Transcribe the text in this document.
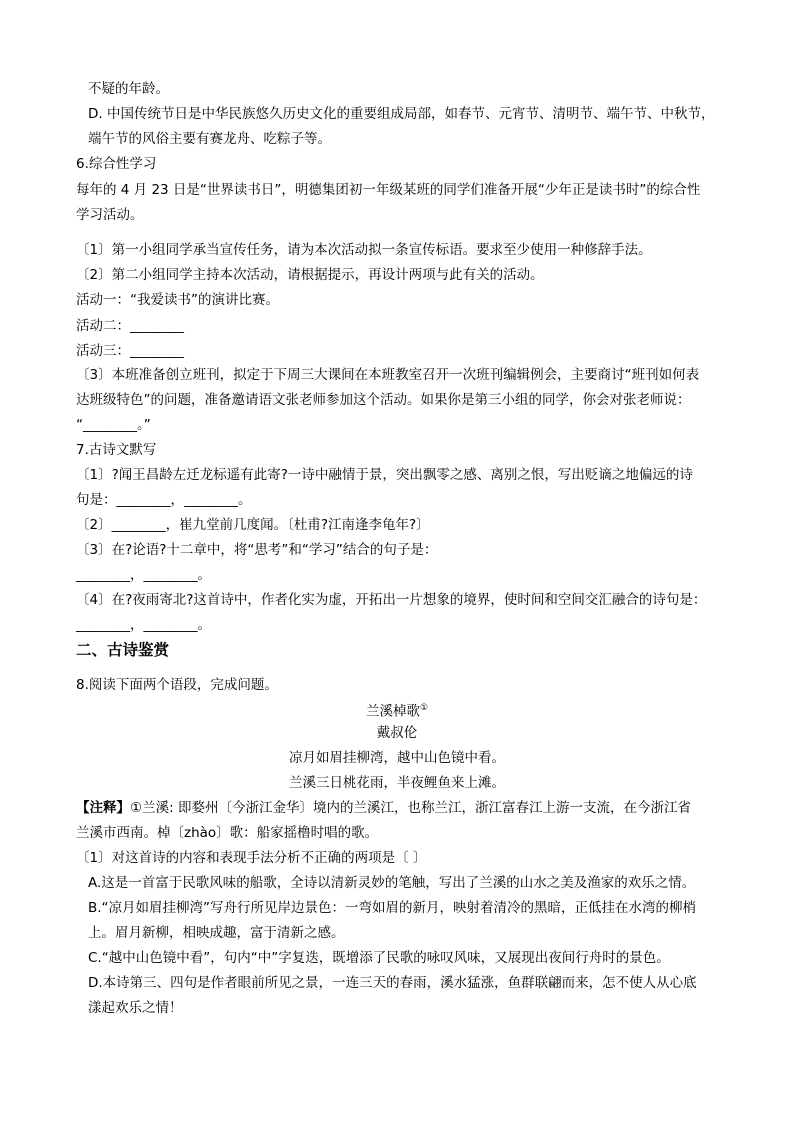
不疑的年龄。
D. 中国传统节日是中华民族悠久历史文化的重要组成局部，如春节、元宵节、清明节、端午节、中秋节，
端午节的风俗主要有赛龙舟、吃粽子等。
6.综合性学习
每年的 4 月 23 日是“世界读书日”，明德集团初一年级某班的同学们准备开展“少年正是读书时”的综合性
学习活动。
〔1〕第一小组同学承当宣传任务，请为本次活动拟一条宣传标语。要求至少使用一种修辞手法。
〔2〕第二小组同学主持本次活动，请根据提示，再设计两项与此有关的活动。
活动一：“我爱读书”的演讲比赛。
活动二：________
活动三：________
〔3〕本班准备创立班刊，拟定于下周三大课间在本班教室召开一次班刊编辑例会，主要商讨“班刊如何表
达班级特色”的问题，准备邀请语文张老师参加这个活动。如果你是第三小组的同学，你会对张老师说：
“________。”
7.古诗文默写
〔1〕?闻王昌龄左迁龙标遥有此寄?一诗中融情于景，突出飘零之感、离别之恨，写出贬谪之地偏远的诗
句是：________，________。
〔2〕________，崔九堂前几度闻。〔杜甫?江南逢李龟年?〕
〔3〕在?论语?十二章中，将“思考”和“学习”结合的句子是：
________，________。
〔4〕在?夜雨寄北?这首诗中，作者化实为虚，开拓出一片想象的境界，使时间和空间交汇融合的诗句是：
________，________。
二、古诗鉴赏
8.阅读下面两个语段，完成问题。
兰溪棹歌①
戴叔伦
凉月如眉挂柳湾，越中山色镜中看。
兰溪三日桃花雨，半夜鲤鱼来上滩。
【注释】①兰溪: 即婺州〔今浙江金华〕境内的兰溪江，也称兰江，浙江富春江上游一支流，在今浙江省
兰溪市西南。棹〔zhào〕歌：船家摇橹时唱的歌。
〔1〕对这首诗的内容和表现手法分析不正确的两项是〔 〕
A.这是一首富于民歌风味的船歌，全诗以清新灵妙的笔触，写出了兰溪的山水之美及渔家的欢乐之情。
B.“凉月如眉挂柳湾”写舟行所见岸边景色：一弯如眉的新月，映射着清冷的黑暗，正低挂在水湾的柳梢
上。眉月新柳，相映成趣，富于清新之感。
C.“越中山色镜中看”，句内“中”字复迭，既增添了民歌的咏叹风味，又展现出夜间行舟时的景色。
D.本诗第三、四句是作者眼前所见之景，一连三天的春雨，溪水猛涨，鱼群联翩而来，怎不使人从心底
漾起欢乐之情！
